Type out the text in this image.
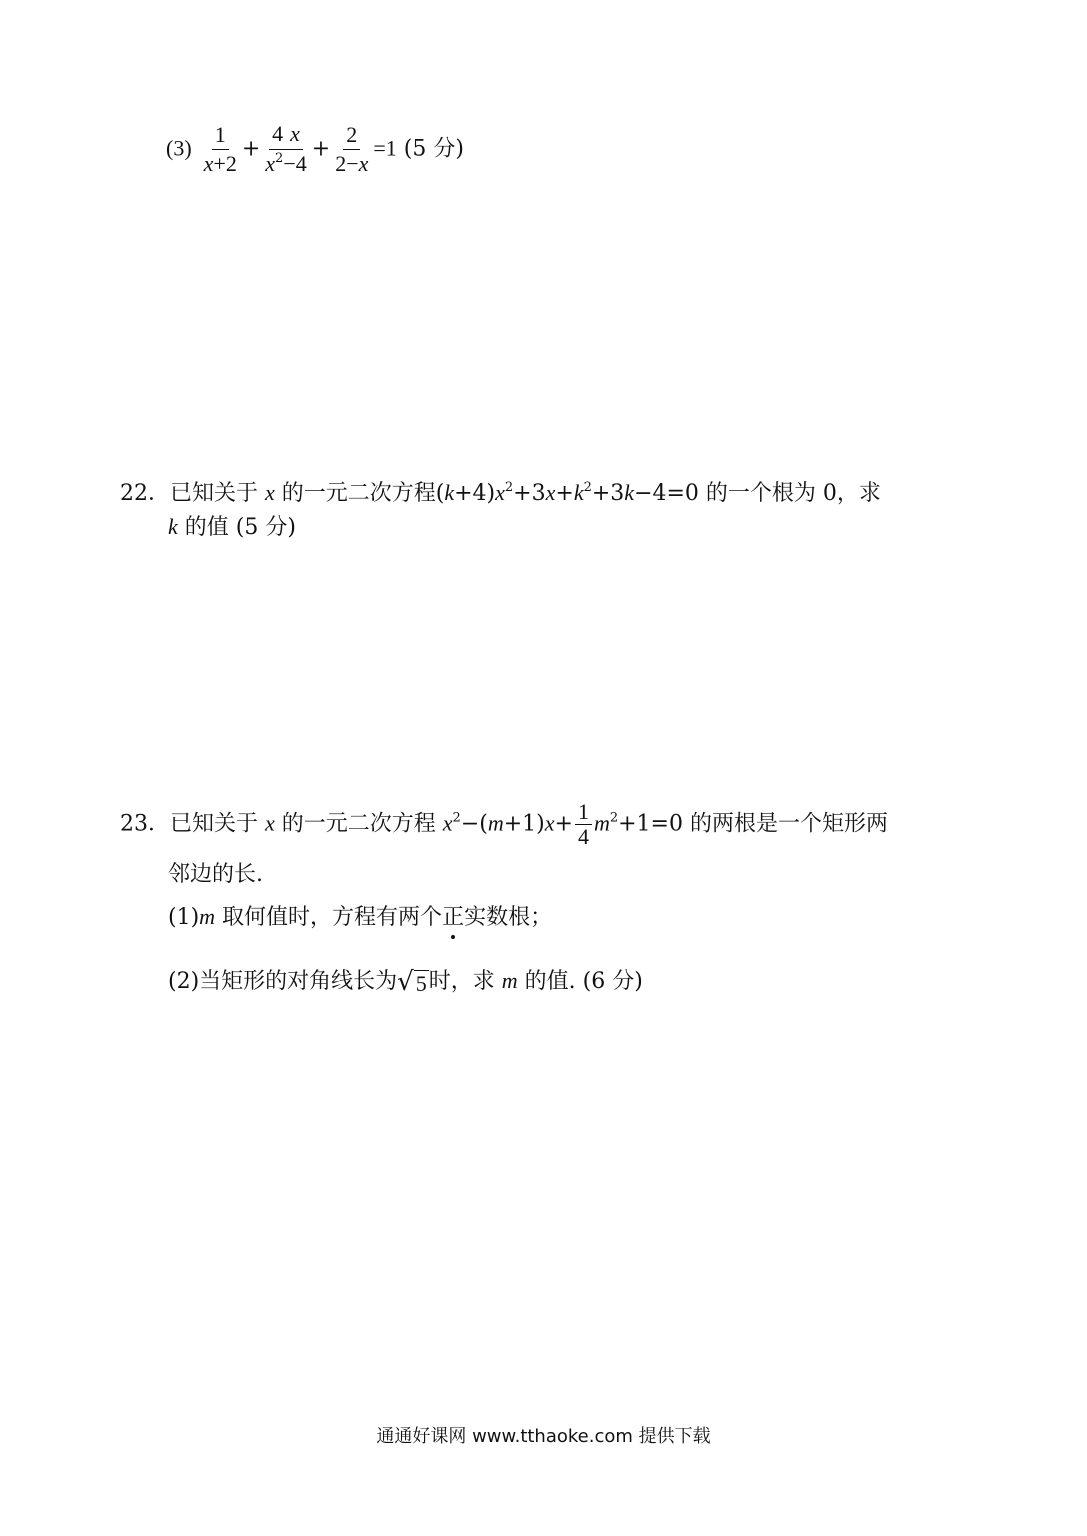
$(3) \frac{1}{x+2} + \frac{4 x}{x^2-4} + \frac{2}{2-x} =1$ (5 分)
22．已知关于 x 的一元二次方程$(k+4)x^2+3x+k^2+3k-4=0$ 的一个根为 0，求
k 的值 (5 分)
23．已知关于 x 的一元二次方程 $x^2-(m+1)x+ \frac{1}{4} m^2+1=0$ 的两根是一个矩形两
邻边的长.
(1)m 取何值时，方程有两个正实数根；
(2)当矩形的对角线长为 √ 5 时，求 m 的值. (6 分)
通通好课网 www.tthaoke.com 提供下载
